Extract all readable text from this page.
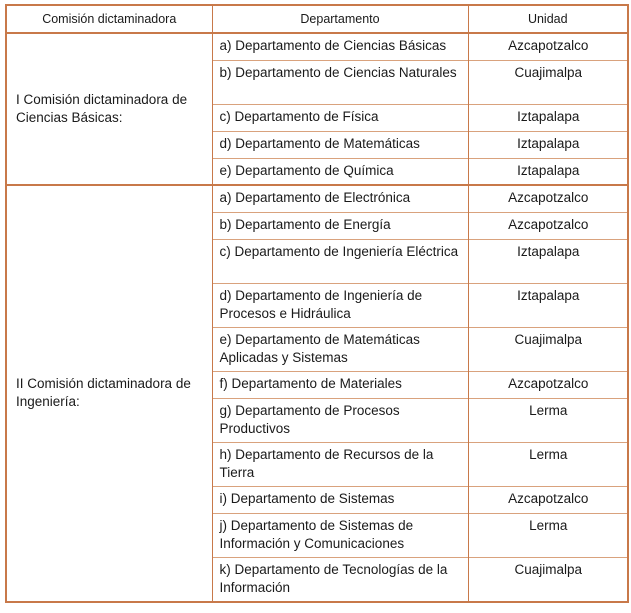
Comisión dictaminadora	Departamento	Unidad
I Comisión dictaminadora de Ciencias Básicas:	a) Departamento de Ciencias Básicas	Azcapotzalco
	b) Departamento de Ciencias Naturales	Cuajimalpa
	c) Departamento de Física	Iztapalapa
	d) Departamento de Matemáticas	Iztapalapa
	e) Departamento de Química	Iztapalapa
II Comisión dictaminadora de Ingeniería:	a) Departamento de Electrónica	Azcapotzalco
	b) Departamento de Energía	Azcapotzalco
	c) Departamento de Ingeniería Eléctrica	Iztapalapa
	d) Departamento de Ingeniería de Procesos e Hidráulica	Iztapalapa
	e) Departamento de Matemáticas Aplicadas y Sistemas	Cuajimalpa
	f) Departamento de Materiales	Azcapotzalco
	g) Departamento de Procesos Productivos	Lerma
	h) Departamento de Recursos de la Tierra	Lerma
	i) Departamento de Sistemas	Azcapotzalco
	j) Departamento de Sistemas de Información y Comunicaciones	Lerma
	k) Departamento de Tecnologías de la Información	Cuajimalpa
